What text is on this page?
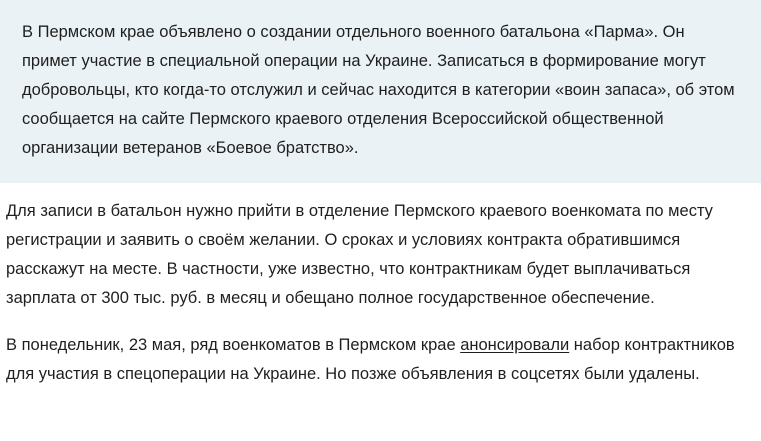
В Пермском крае объявлено о создании отдельного военного батальона «Парма». Он примет участие в специальной операции на Украине. Записаться в формирование могут добровольцы, кто когда-то отслужил и сейчас находится в категории «воин запаса», об этом сообщается на сайте Пермского краевого отделения Всероссийской общественной организации ветеранов «Боевое братство».

Для записи в батальон нужно прийти в отделение Пермского краевого военкомата по месту регистрации и заявить о своём желании. О сроках и условиях контракта обратившимся расскажут на месте. В частности, уже известно, что контрактникам будет выплачиваться зарплата от 300 тыс. руб. в месяц и обещано полное государственное обеспечение.

В понедельник, 23 мая, ряд военкоматов в Пермском крае анонсировали набор контрактников для участия в спецоперации на Украине. Но позже объявления в соцсетях были удалены.
